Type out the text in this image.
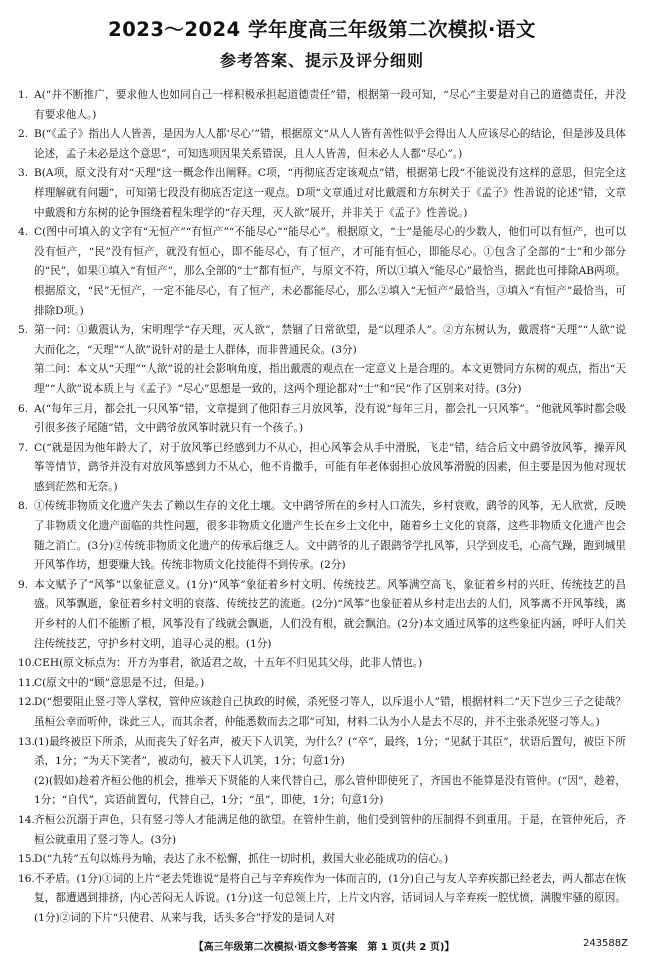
2023～2024 学年度高三年级第二次模拟·语文
参考答案、提示及评分细则
1. A(“并不断推广，要求他人也如同自己一样积极承担起道德责任”错，根据第一段可知，“尽心”主要是对自己的道德责任，并没有要求他人。)

2. B(“《孟子》指出人人皆善，是因为人人都‘尽心’”错，根据原文“从人人皆有善性似乎会得出人人应该尽心的结论，但是涉及具体论述，孟子未必是这个意思”，可知选项因果关系错误，且人人皆善，但未必人人都“尽心”。)

3. B(A项，原文没有对“天理”这一概念作出阐释。C项，“再彻底否定该观点”错，根据第七段“不能说没有这样的意思，但完全这样理解就有问题”，可知第七段没有彻底否定这一观点。D项“文章通过对比戴震和方东树关于《孟子》性善说的论述”错，文章中戴震和方东树的论争围绕着程朱理学的“存天理，灭人欲”展开，并非关于《孟子》性善说。)

4. C(图中可填入的文字有“无恒产”“有恒产”“不能尽心”“能尽心”。根据原文，“士”是能尽心的少数人，他们可以有恒产，也可以没有恒产，“民”没有恒产，就没有恒心，即不能尽心，有了恒产，才可能有恒心，即能尽心。①包含了全部的“士”和少部分的“民”，如果①填入“有恒产”，那么全部的“士”都有恒产，与原文不符，所以①填入“能尽心”最恰当，据此也可排除AB两项。根据原文，“民”无恒产，一定不能尽心，有了恒产，未必都能尽心，那么②填入“无恒产”最恰当，③填入“有恒产”最恰当，可排除D项。)

5. 第一问：①戴震认为，宋明理学“存天理，灭人欲”，禁锢了日常欲望，是“以理杀人”。②方东树认为，戴震将“天理”“人欲”说大而化之，“天理”“人欲”说针对的是士人群体，而非普通民众。(3分)

第二问：本文从“天理”“人欲”说的社会影响角度，指出戴震的观点在一定意义上是合理的。本文更赞同方东树的观点，指出“天理”“人欲”说本质上与《孟子》“尽心”思想是一致的，这两个理论都对“士”和“民”作了区别来对待。(3分)

6. A(“每年三月，都会扎一只风筝”错，文章提到了他阳春三月放风筝，没有说“每年三月，都会扎一只风筝”。“他就风筝时都会吸引很多孩子尾随”错，文中鹞爷放风筝时就只有一个孩子。)

7. C(“就是因为他年龄大了，对于放风筝已经感到力不从心，担心风筝会从手中滑脱，飞走”错，结合后文中鹞爷放风筝，操弄风筝等情节，鹞爷并没有对放风筝感到力不从心，他不肯撒手，可能有年老体弱担心放风筝滑脱的因素，但主要是因为他对现状感到茫然和无奈。)

8. ①传统非物质文化遗产失去了赖以生存的文化土壤。文中鹞爷所在的乡村人口流失，乡村衰败，鹞爷的风筝，无人欣赏，反映了非物质文化遗产面临的共性问题，很多非物质文化遗产生长在乡土文化中，随着乡土文化的衰落，这些非物质文化遗产也会随之消亡。(3分)②传统非物质文化遗产的传承后继乏人。文中鹞爷的儿子跟鹞爷学扎风筝，只学到皮毛，心高气躁，跑到城里开风筝作坊，想要赚大钱。传统非物质文化技能得不到传承。(2分)

9. 本文赋予了“风筝”以象征意义。(1分)“风筝”象征着乡村文明、传统技艺。风筝满空高飞，象征着乡村的兴旺、传统技艺的昌盛。风筝飘逝，象征着乡村文明的衰落、传统技艺的流逝。(2分)“风筝”也象征着从乡村走出去的人们，风筝离不开风筝线，离开乡村的人们不能断了根，风筝没有了线就会飘逝，人们没有根，就会飘泊。(2分)本文通过风筝的这些象征内涵，呼吁人们关注传统技艺，守护乡村文明，追寻心灵的根。(1分)

10. CEH(原文标点为：开方为事君，欲适君之故，十五年不归见其父母，此非人情也。)

11. C(原文中的“顾”意思是不过，但是。)

12. D(“想要阻止竖刁等人掌权，管仲应该趁自己执政的时候，杀死竖刁等人，以斥退小人”错，根据材料二“天下岂少三子之徒哉？虽桓公幸而听仲，诛此三人，而其余者，仲能悉数而去之耶”可知，材料二认为小人是去不尽的，并不主张杀死竖刁等人。)

13. (1)最终被臣下所杀，从而丧失了好名声，被天下人讥笑，为什么？(“卒”，最终，1分；“见弑于其臣”，状语后置句，被臣下所杀，1分；“为天下笑者”，被动句，被天下人讥笑，1分；句意1分)

(2)(假如)趁着齐桓公他的机会，推举天下贤能的人来代替自己，那么管仲即使死了，齐国也不能算是没有管仲。(“因”，趁着，1分；“自代”，宾语前置句，代替自己，1分；“虽”，即使，1分；句意1分)

14. 齐桓公沉溺于声色，只有竖刁等人才能满足他的欲望。在管仲生前，他们受到管仲的压制得不到重用。于是，在管仲死后，齐桓公就重用了竖刁等人。(3分)

15. D(“九转”五句以炼丹为喻，表达了永不松懈，抓住一切时机，救国大业必能成功的信心。)

16. 不矛盾。(1分)①词的上片“老去凭谁说”是将自己与辛弃疾作为一体而言的，(1分)自己与友人辛弃疾都已经老去，两人都志在恢复，都遭遇到排挤，内心苦闷无人诉说。(1分)这一句总领上片，上片文内容，话词词人与辛弃疾一腔忧愤，满腹牢骚的原因。(1分)②词的下片“只使君、从来与我，话头多合”抒发的是词人对

【高三年级第二次模拟·语文参考答案　第 1 页(共 2 页)】	243588Z
